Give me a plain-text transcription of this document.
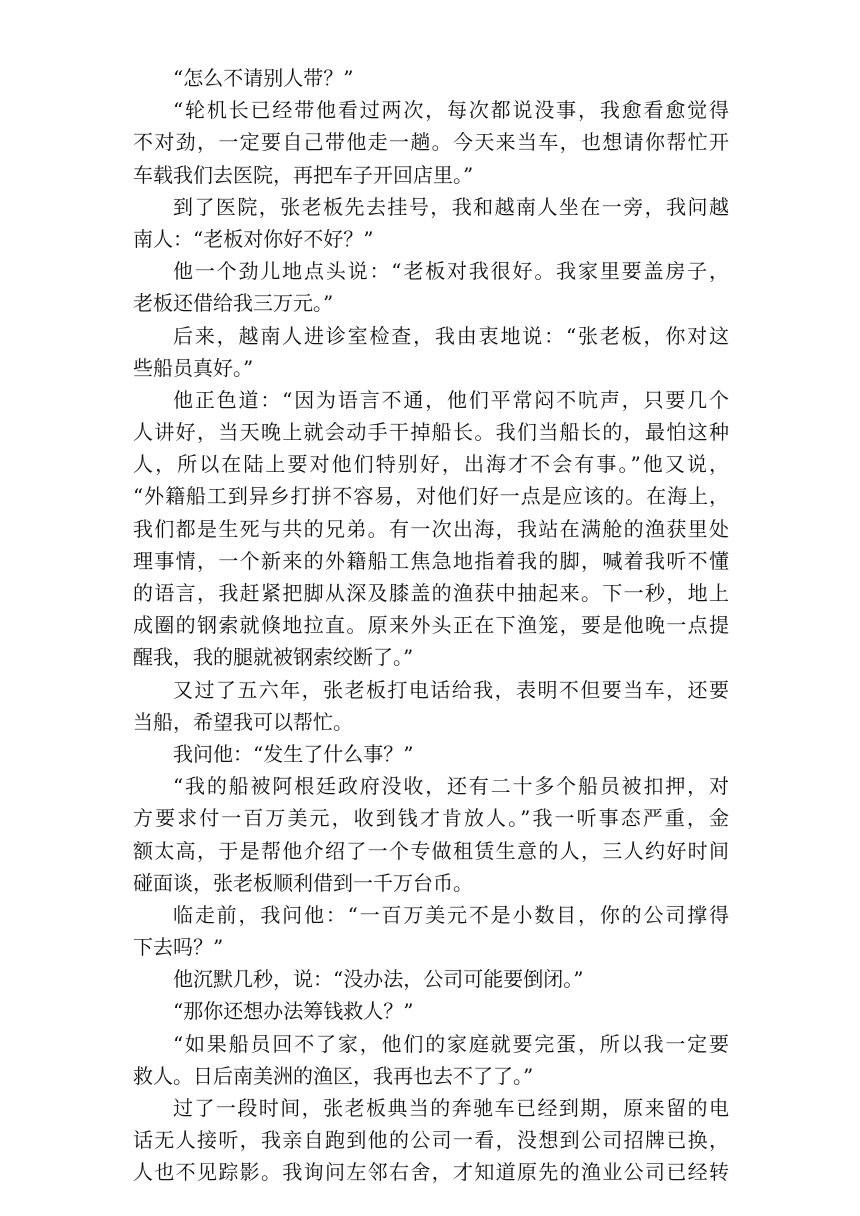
“怎么不请别人带？”
“轮机长已经带他看过两次，每次都说没事，我愈看愈觉得
不对劲，一定要自己带他走一趟。今天来当车，也想请你帮忙开
车载我们去医院，再把车子开回店里。”
到了医院，张老板先去挂号，我和越南人坐在一旁，我问越
南人：“老板对你好不好？”
他一个劲儿地点头说：“老板对我很好。我家里要盖房子，
老板还借给我三万元。”
后来，越南人进诊室检查，我由衷地说：“张老板，你对这
些船员真好。”
他正色道：“因为语言不通，他们平常闷不吭声，只要几个
人讲好，当天晚上就会动手干掉船长。我们当船长的，最怕这种
人，所以在陆上要对他们特别好，出海才不会有事。”他又说，
“外籍船工到异乡打拼不容易，对他们好一点是应该的。在海上，
我们都是生死与共的兄弟。有一次出海，我站在满舱的渔获里处
理事情，一个新来的外籍船工焦急地指着我的脚，喊着我听不懂
的语言，我赶紧把脚从深及膝盖的渔获中抽起来。下一秒，地上
成圈的钢索就倏地拉直。原来外头正在下渔笼，要是他晚一点提
醒我，我的腿就被钢索绞断了。”
又过了五六年，张老板打电话给我，表明不但要当车，还要
当船，希望我可以帮忙。
我问他：“发生了什么事？”
“我的船被阿根廷政府没收，还有二十多个船员被扣押，对
方要求付一百万美元，收到钱才肯放人。”我一听事态严重，金
额太高，于是帮他介绍了一个专做租赁生意的人，三人约好时间
碰面谈，张老板顺利借到一千万台币。
临走前，我问他：“一百万美元不是小数目，你的公司撑得
下去吗？”
他沉默几秒，说：“没办法，公司可能要倒闭。”
“那你还想办法筹钱救人？”
“如果船员回不了家，他们的家庭就要完蛋，所以我一定要
救人。日后南美洲的渔区，我再也去不了了。”
过了一段时间，张老板典当的奔驰车已经到期，原来留的电
话无人接听，我亲自跑到他的公司一看，没想到公司招牌已换，
人也不见踪影。我询问左邻右舍，才知道原先的渔业公司已经转
